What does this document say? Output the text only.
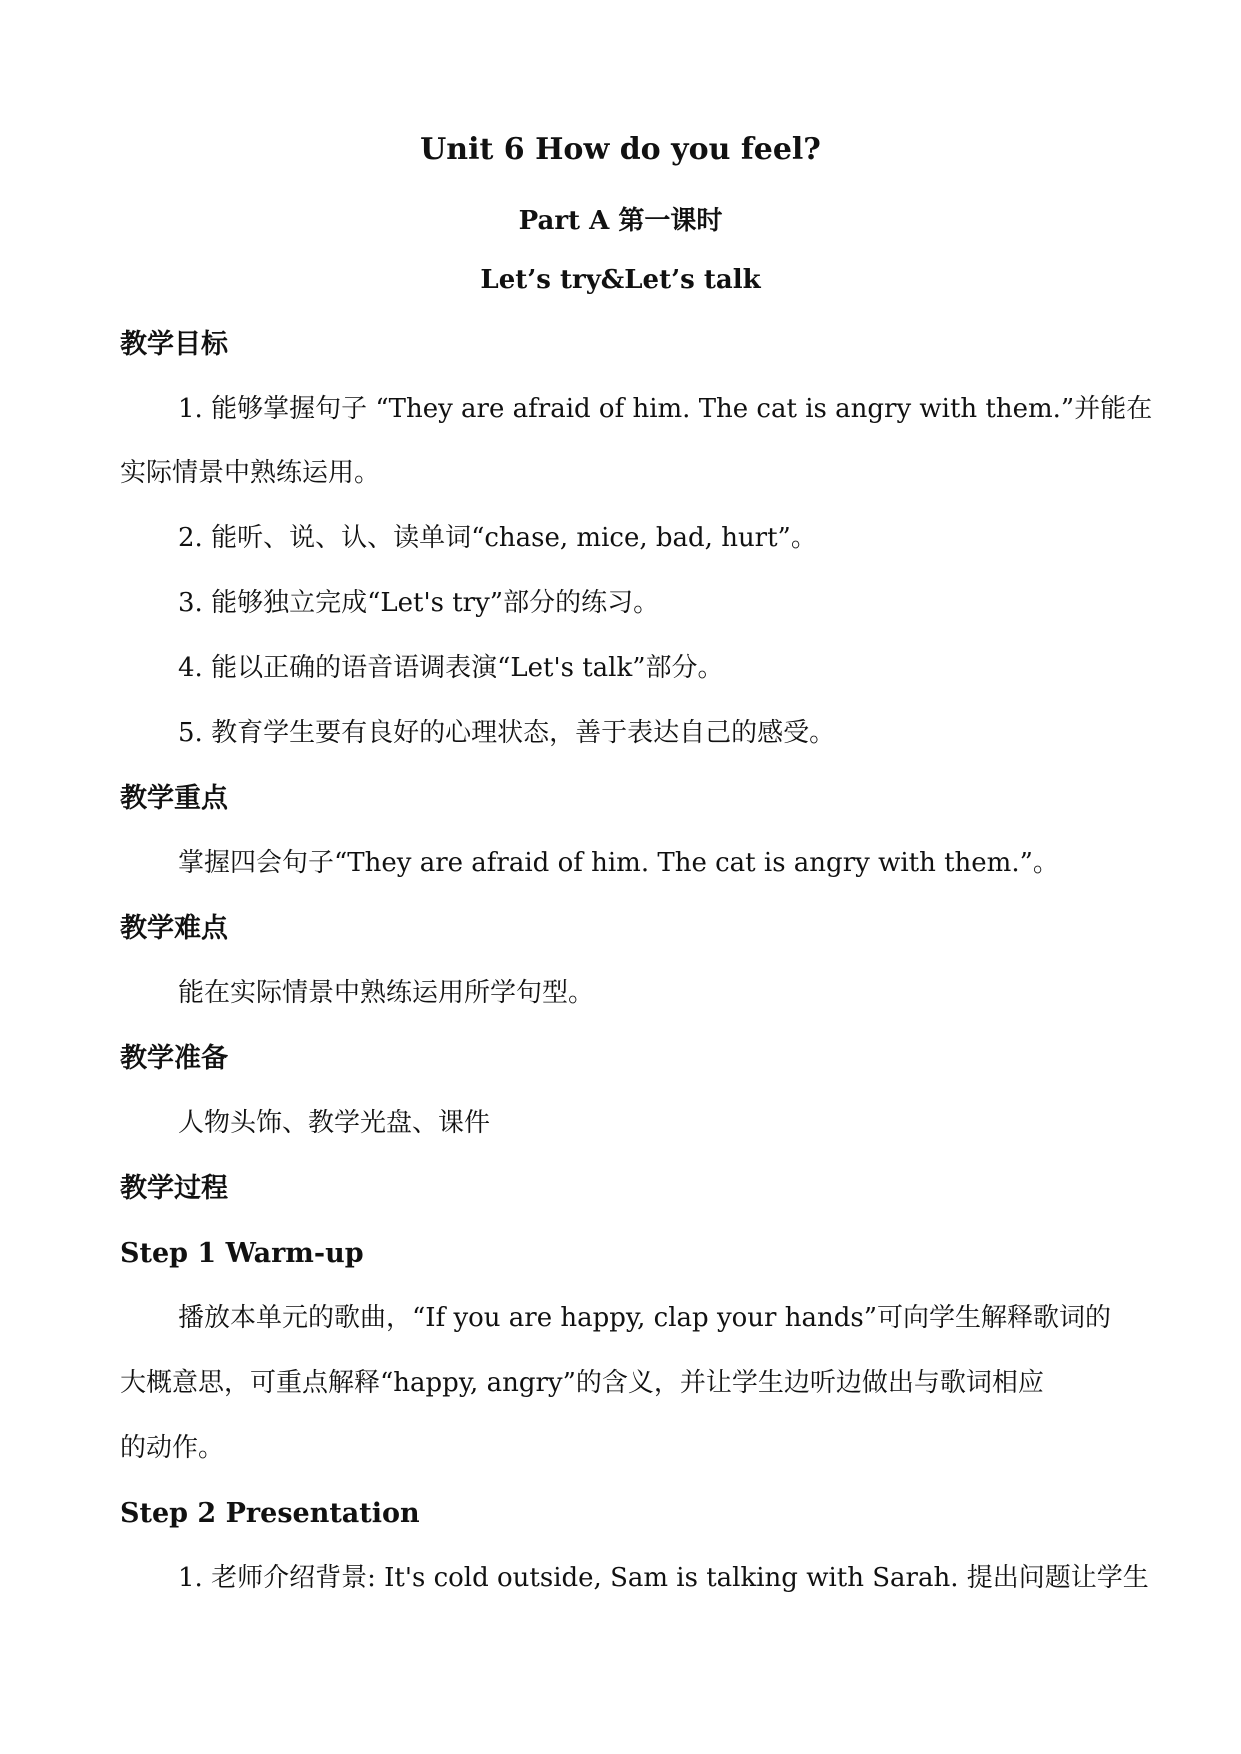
Unit 6 How do you feel?
Part A 第一课时
Let’s try&Let’s talk
教学目标
1. 能够掌握句子 “They are afraid of him. The cat is angry with them.”并能在
实际情景中熟练运用。
2. 能听、说、认、读单词“chase, mice, bad, hurt”。
3. 能够独立完成“Let's try”部分的练习。
4. 能以正确的语音语调表演“Let's talk”部分。
5. 教育学生要有良好的心理状态，善于表达自己的感受。
教学重点
掌握四会句子“They are afraid of him. The cat is angry with them.”。
教学难点
能在实际情景中熟练运用所学句型。
教学准备
人物头饰、教学光盘、课件
教学过程
Step 1 Warm-up
播放本单元的歌曲，“If you are happy, clap your hands”可向学生解释歌词的
大概意思，可重点解释“happy, angry”的含义，并让学生边听边做出与歌词相应
的动作。
Step 2 Presentation
1. 老师介绍背景: It's cold outside, Sam is talking with Sarah. 提出问题让学生
